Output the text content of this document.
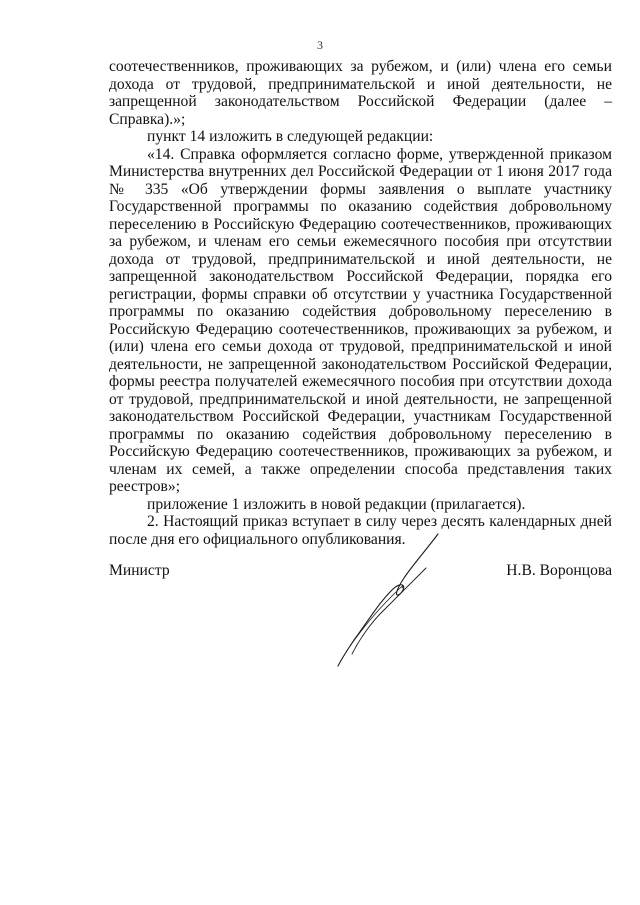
3

соотечественников, проживающих за рубежом, и (или) члена его семьи дохода от трудовой, предпринимательской и иной деятельности, не запрещенной законодательством Российской Федерации (далее – Справка).»;

пункт 14 изложить в следующей редакции:

«14. Справка оформляется согласно форме, утвержденной приказом Министерства внутренних дел Российской Федерации от 1 июня 2017 года № 335 «Об утверждении формы заявления о выплате участнику Государственной программы по оказанию содействия добровольному переселению в Российскую Федерацию соотечественников, проживающих за рубежом, и членам его семьи ежемесячного пособия при отсутствии дохода от трудовой, предпринимательской и иной деятельности, не запрещенной законодательством Российской Федерации, порядка его регистрации, формы справки об отсутствии у участника Государственной программы по оказанию содействия добровольному переселению в Российскую Федерацию соотечественников, проживающих за рубежом, и (или) члена его семьи дохода от трудовой, предпринимательской и иной деятельности, не запрещенной законодательством Российской Федерации, формы реестра получателей ежемесячного пособия при отсутствии дохода от трудовой, предпринимательской и иной деятельности, не запрещенной законодательством Российской Федерации, участникам Государственной программы по оказанию содействия добровольному переселению в Российскую Федерацию соотечественников, проживающих за рубежом, и членам их семей, а также определении способа представления таких реестров»;

приложение 1 изложить в новой редакции (прилагается).

2. Настоящий приказ вступает в силу через десять календарных дней после дня его официального опубликования.

Министр	Н.В. Воронцова
